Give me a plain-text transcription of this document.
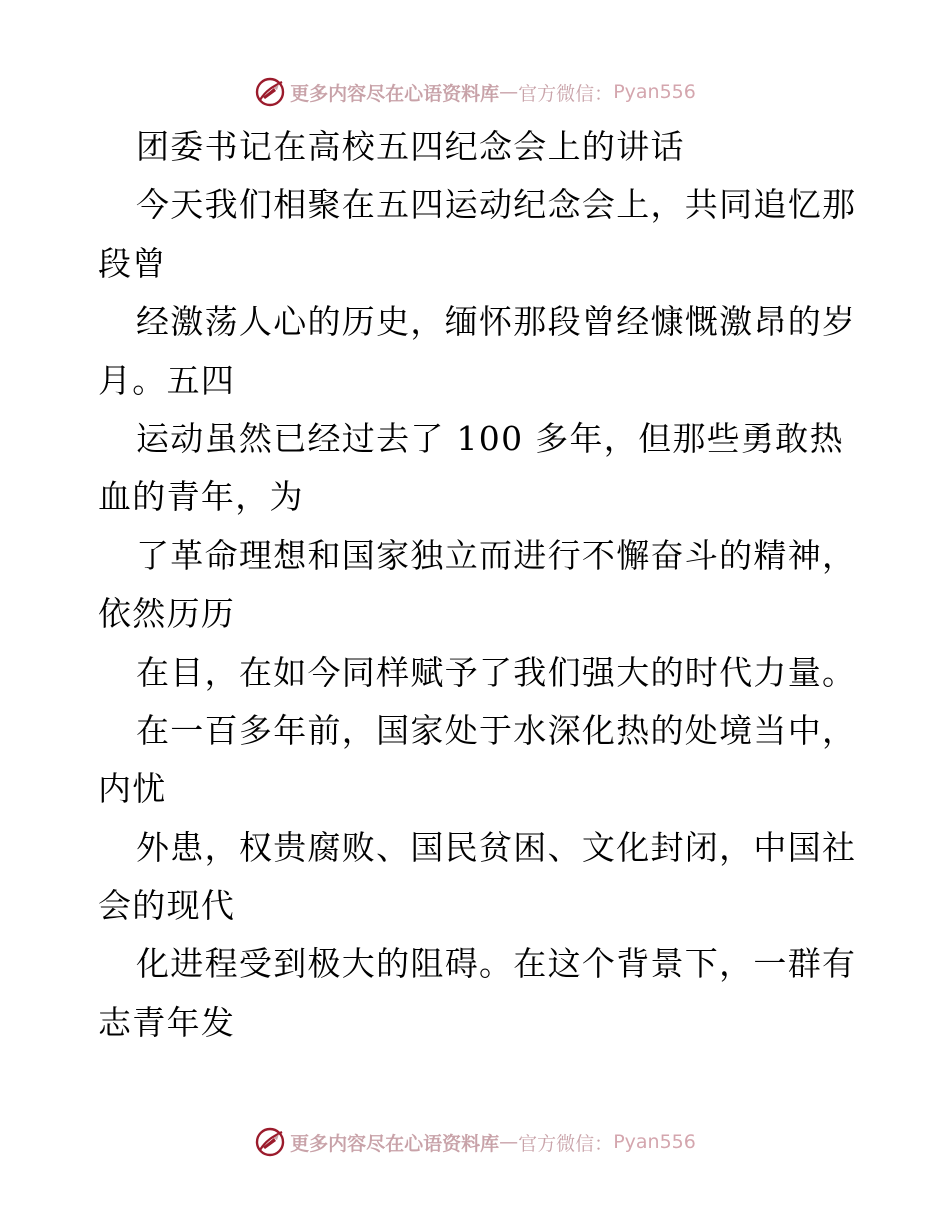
更多内容尽在心语资料库 — 官方微信： Pyan556
团委书记在高校五四纪念会上的讲话
今天我们相聚在五四运动纪念会上，共同追忆那
段曾
经激荡人心的历史，缅怀那段曾经慷慨激昂的岁
月。五四
运动虽然已经过去了 100 多年，但那些勇敢热
血的青年，为
了革命理想和国家独立而进行不懈奋斗的精神，
依然历历
在目，在如今同样赋予了我们强大的时代力量。
在一百多年前，国家处于水深化热的处境当中，
内忧
外患，权贵腐败、国民贫困、文化封闭，中国社
会的现代
化进程受到极大的阻碍。在这个背景下，一群有
志青年发
更多内容尽在心语资料库 — 官方微信： Pyan556
